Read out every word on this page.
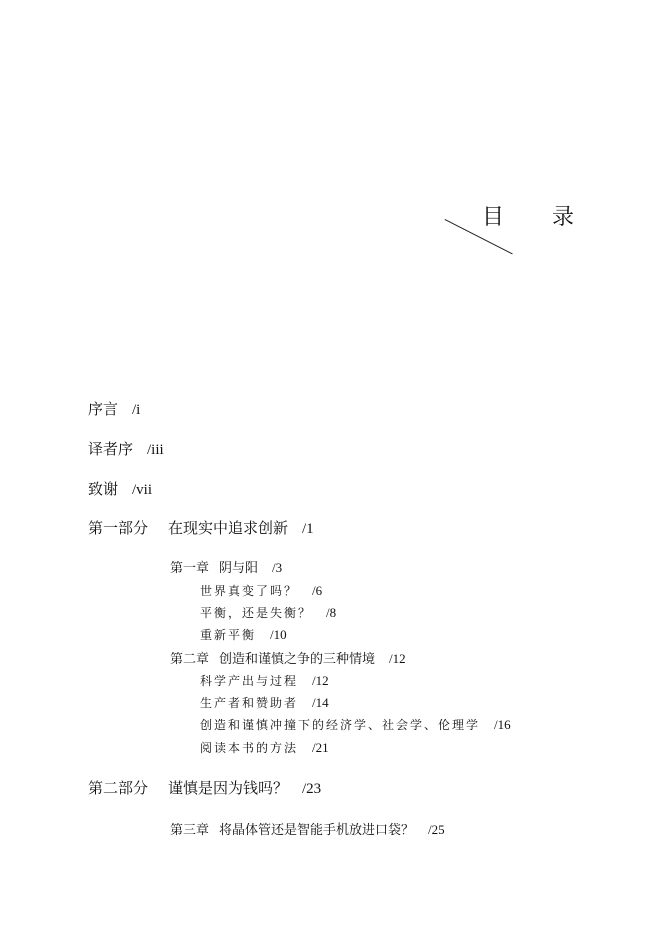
目 录
序言 /i
译者序 /iii
致谢 /vii
第一部分 在现实中追求创新 /1
第一章 阴与阳 /3
世界真变了吗？ /6
平衡，还是失衡？ /8
重新平衡 /10
第二章 创造和谨慎之争的三种情境 /12
科学产出与过程 /12
生产者和赞助者 /14
创造和谨慎冲撞下的经济学、社会学、伦理学 /16
阅读本书的方法 /21
第二部分 谨慎是因为钱吗？ /23
第三章 将晶体管还是智能手机放进口袋？ /25
